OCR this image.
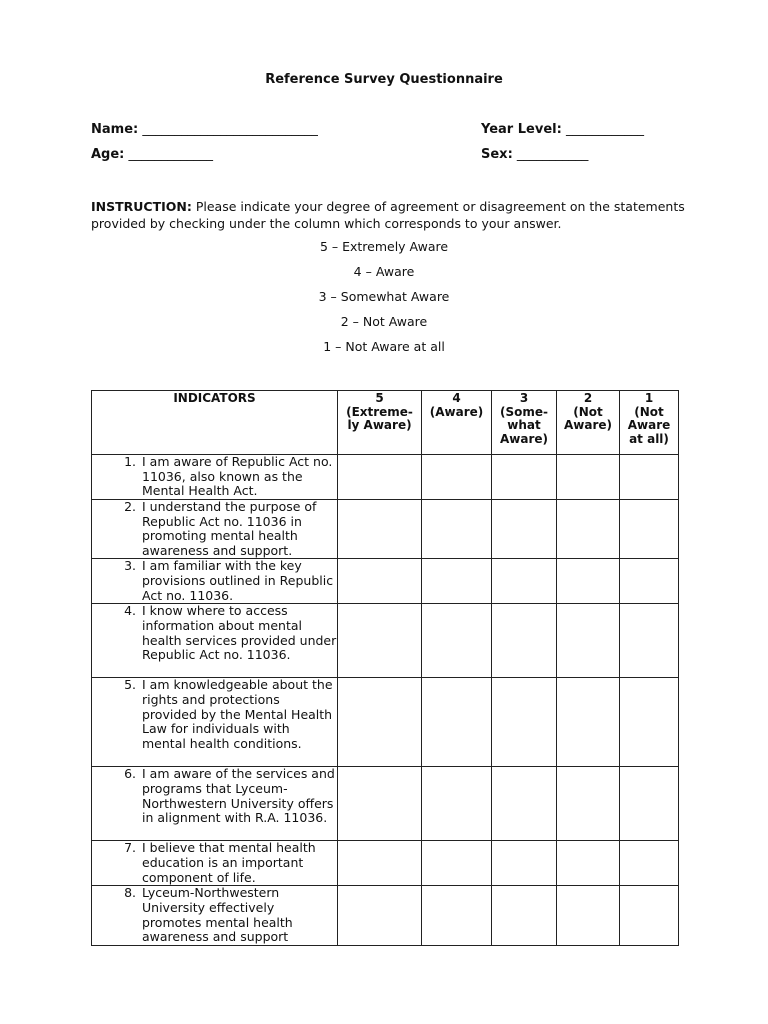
Reference Survey Questionnaire
Name: ___________________________	Year Level: ____________
Age: _____________	Sex: ___________
INSTRUCTION: Please indicate your degree of agreement or disagreement on the statements provided by checking under the column which corresponds to your answer.
5 – Extremely Aware
4 – Aware
3 – Somewhat Aware
2 – Not Aware
1 – Not Aware at all
INDICATORS	5
(Extreme-
ly Aware)	4
(Aware)	3
(Some-
what
Aware)	2
(Not
Aware)	1
(Not
Aware
at all)

1. I am aware of Republic Act no. 11036, also known as the Mental Health Act.					

2. I understand the purpose of Republic Act no. 11036 in promoting mental health awareness and support.					

3. I am familiar with the key provisions outlined in Republic Act no. 11036.					

4. I know where to access information about mental health services provided under Republic Act no. 11036.					

5. I am knowledgeable about the rights and protections provided by the Mental Health Law for individuals with mental health conditions.					

6. I am aware of the services and programs that Lyceum-Northwestern University offers in alignment with R.A. 11036.					

7. I believe that mental health education is an important component of life.					

8. Lyceum-Northwestern University effectively promotes mental health awareness and support					
